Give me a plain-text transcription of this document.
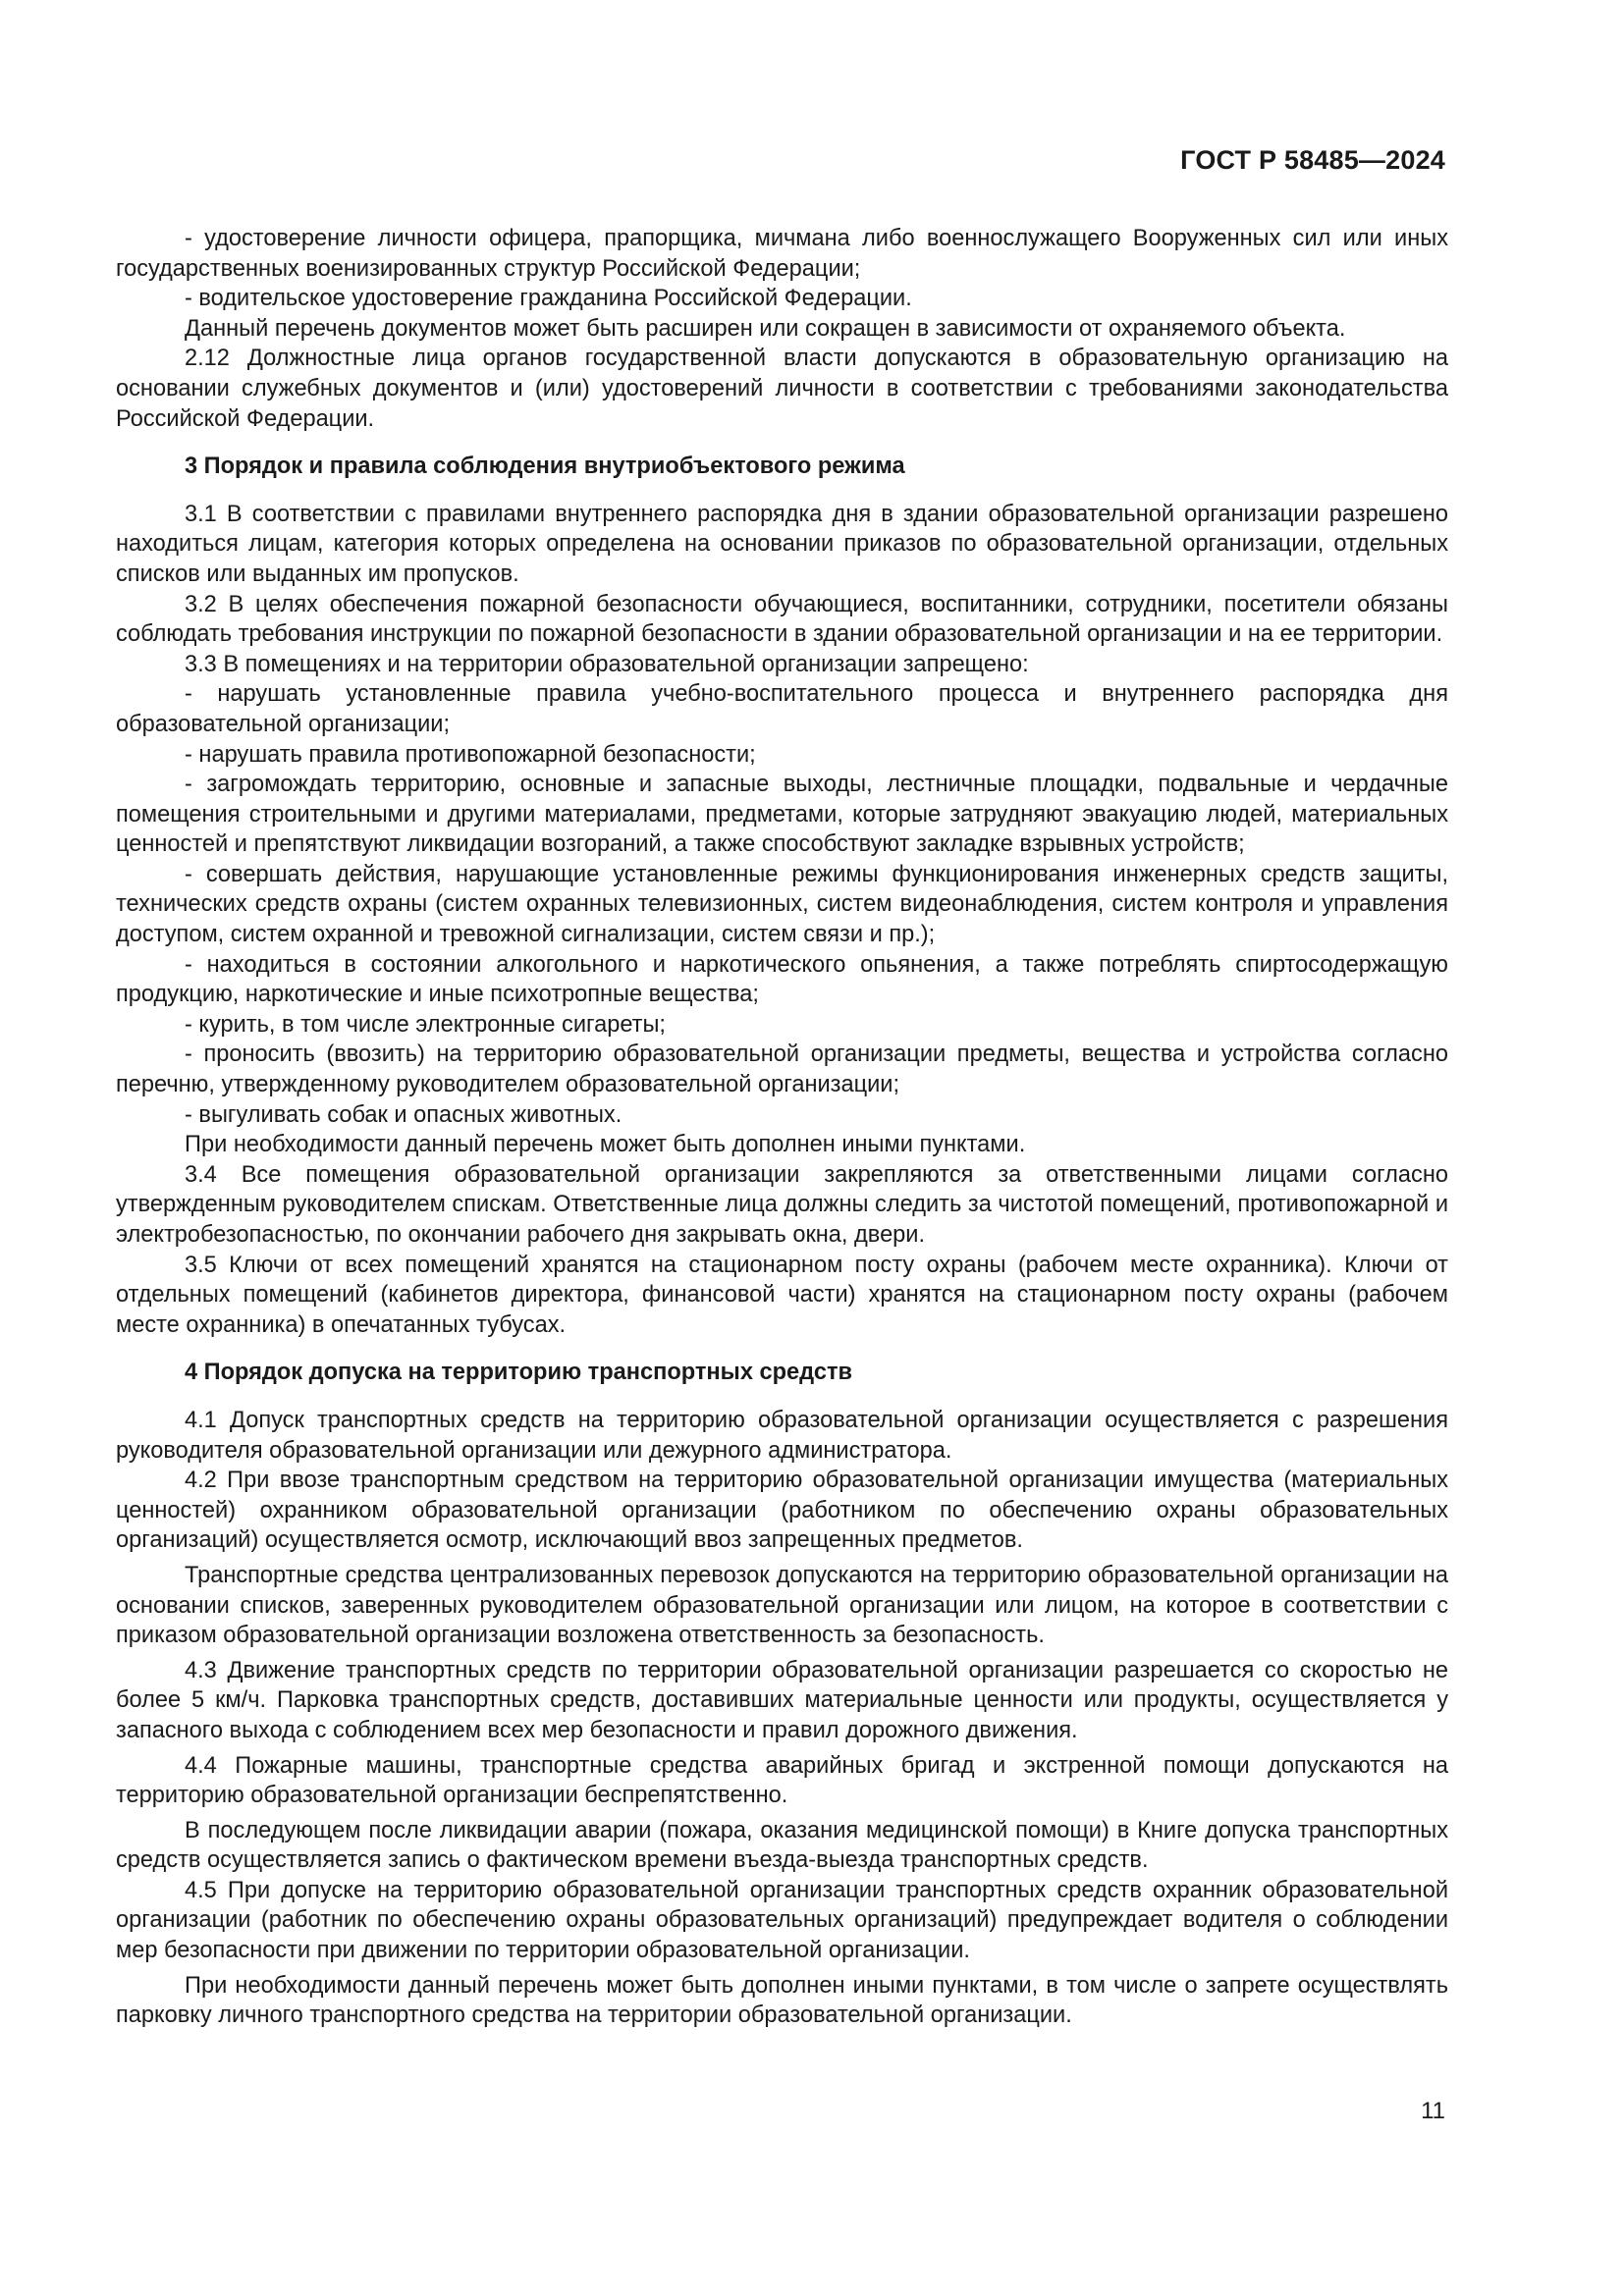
ГОСТ Р 58485—2024

- удостоверение личности офицера, прапорщика, мичмана либо военнослужащего Вооруженных сил или иных государственных военизированных структур Российской Федерации;

- водительское удостоверение гражданина Российской Федерации.

Данный перечень документов может быть расширен или сокращен в зависимости от охраняемого объекта.

2.12 Должностные лица органов государственной власти допускаются в образовательную организацию на основании служебных документов и (или) удостоверений личности в соответствии с требованиями законодательства Российской Федерации.

3 Порядок и правила соблюдения внутриобъектового режима

3.1 В соответствии с правилами внутреннего распорядка дня в здании образовательной организации разрешено находиться лицам, категория которых определена на основании приказов по образовательной организации, отдельных списков или выданных им пропусков.

3.2 В целях обеспечения пожарной безопасности обучающиеся, воспитанники, сотрудники, посетители обязаны соблюдать требования инструкции по пожарной безопасности в здании образовательной организации и на ее территории.

3.3 В помещениях и на территории образовательной организации запрещено:

- нарушать установленные правила учебно-воспитательного процесса и внутреннего распорядка дня образовательной организации;

- нарушать правила противопожарной безопасности;

- загромождать территорию, основные и запасные выходы, лестничные площадки, подвальные и чердачные помещения строительными и другими материалами, предметами, которые затрудняют эвакуацию людей, материальных ценностей и препятствуют ликвидации возгораний, а также способствуют закладке взрывных устройств;

- совершать действия, нарушающие установленные режимы функционирования инженерных средств защиты, технических средств охраны (систем охранных телевизионных, систем видеонаблюдения, систем контроля и управления доступом, систем охранной и тревожной сигнализации, систем связи и пр.);

- находиться в состоянии алкогольного и наркотического опьянения, а также потреблять спиртосодержащую продукцию, наркотические и иные психотропные вещества;

- курить, в том числе электронные сигареты;

- проносить (ввозить) на территорию образовательной организации предметы, вещества и устройства согласно перечню, утвержденному руководителем образовательной организации;

- выгуливать собак и опасных животных.

При необходимости данный перечень может быть дополнен иными пунктами.

3.4 Все помещения образовательной организации закрепляются за ответственными лицами согласно утвержденным руководителем спискам. Ответственные лица должны следить за чистотой помещений, противопожарной и электробезопасностью, по окончании рабочего дня закрывать окна, двери.

3.5 Ключи от всех помещений хранятся на стационарном посту охраны (рабочем месте охранника). Ключи от отдельных помещений (кабинетов директора, финансовой части) хранятся на стационарном посту охраны (рабочем месте охранника) в опечатанных тубусах.

4 Порядок допуска на территорию транспортных средств

4.1 Допуск транспортных средств на территорию образовательной организации осуществляется с разрешения руководителя образовательной организации или дежурного администратора.

4.2 При ввозе транспортным средством на территорию образовательной организации имущества (материальных ценностей) охранником образовательной организации (работником по обеспечению охраны образовательных организаций) осуществляется осмотр, исключающий ввоз запрещенных предметов.

Транспортные средства централизованных перевозок допускаются на территорию образовательной организации на основании списков, заверенных руководителем образовательной организации или лицом, на которое в соответствии с приказом образовательной организации возложена ответственность за безопасность.

4.3 Движение транспортных средств по территории образовательной организации разрешается со скоростью не более 5 км/ч. Парковка транспортных средств, доставивших материальные ценности или продукты, осуществляется у запасного выхода с соблюдением всех мер безопасности и правил дорожного движения.

4.4 Пожарные машины, транспортные средства аварийных бригад и экстренной помощи допускаются на территорию образовательной организации беспрепятственно.

В последующем после ликвидации аварии (пожара, оказания медицинской помощи) в Книге допуска транспортных средств осуществляется запись о фактическом времени въезда-выезда транспортных средств.

4.5 При допуске на территорию образовательной организации транспортных средств охранник образовательной организации (работник по обеспечению охраны образовательных организаций) предупреждает водителя о соблюдении мер безопасности при движении по территории образовательной организации.

При необходимости данный перечень может быть дополнен иными пунктами, в том числе о запрете осуществлять парковку личного транспортного средства на территории образовательной организации.

11
